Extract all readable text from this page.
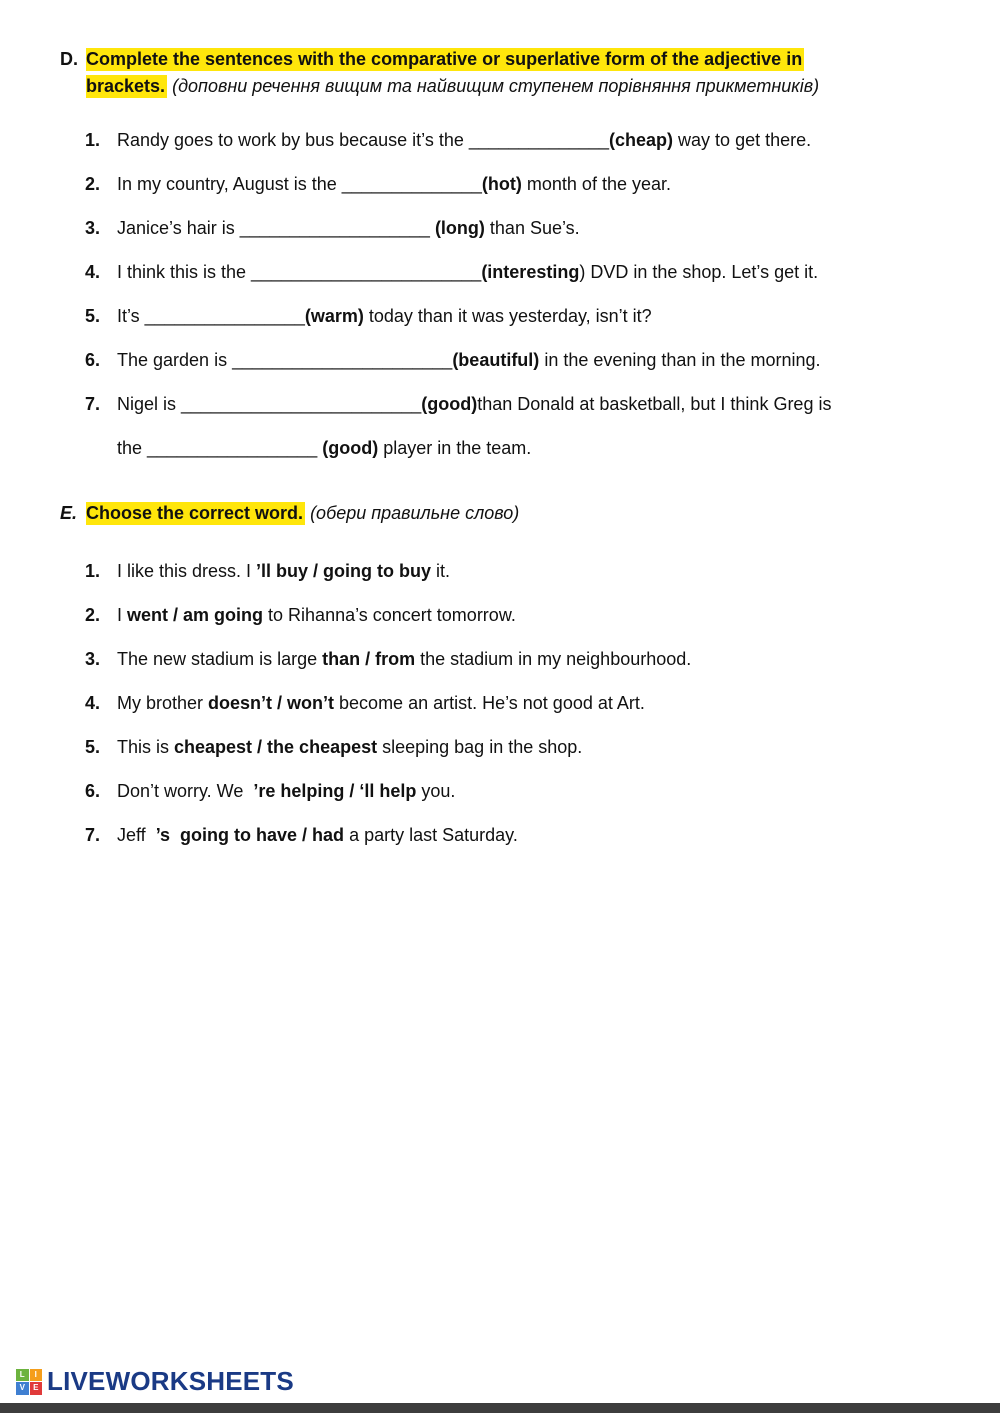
D. Complete the sentences with the comparative or superlative form of the adjective in
brackets. (доповни речення вищим та найвищим ступенем порівняння прикметників)
1. Randy goes to work by bus because it’s the ______________(cheap) way to get there.
2. In my country, August is the ______________(hot) month of the year.
3. Janice’s hair is ___________________ (long) than Sue’s.
4. I think this is the _______________________(interesting) DVD in the shop. Let’s get it.
5. It’s ________________(warm) today than it was yesterday, isn’t it?
6. The garden is ______________________(beautiful) in the evening than in the morning.
7. Nigel is ________________________(good)than Donald at basketball, but I think Greg is
the _________________ (good) player in the team.
E. Choose the correct word. (обери правильне слово)
1. I like this dress. I ’ll buy / going to buy it.
2. I went / am going to Rihanna’s concert tomorrow.
3. The new stadium is large than / from the stadium in my neighbourhood.
4. My brother doesn’t / won’t become an artist. He’s not good at Art.
5. This is cheapest / the cheapest sleeping bag in the shop.
6. Don’t worry. We  ’re helping / ‘ll help you.
7. Jeff  ’s  going to have / had a party last Saturday.
L	I
V	E LIVEWORKSHEETS
